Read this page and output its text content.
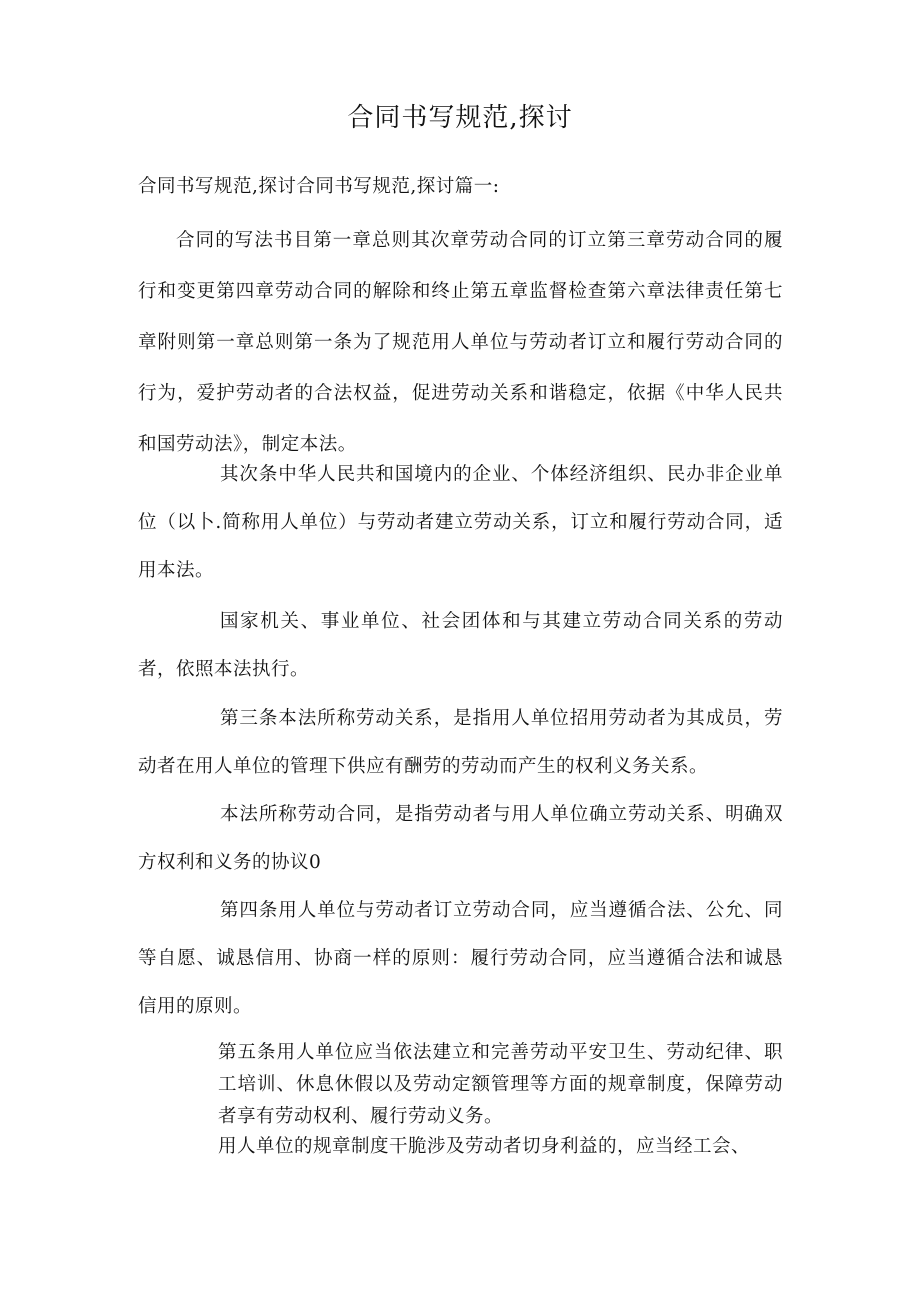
合同书写规范,探讨

合同书写规范,探讨合同书写规范,探讨篇一:

合同的写法书目第一章总则其次章劳动合同的订立第三章劳动合同的履行和变更第四章劳动合同的解除和终止第五章监督检查第六章法律责任第七章附则第一章总则第一条为了规范用人单位与劳动者订立和履行劳动合同的行为，爱护劳动者的合法权益，促进劳动关系和谐稳定，依据《中华人民共和国劳动法》，制定本法。

其次条中华人民共和国境内的企业、个体经济组织、民办非企业单位（以卜.简称用人单位）与劳动者建立劳动关系，订立和履行劳动合同，适用本法。

国家机关、事业单位、社会团体和与其建立劳动合同关系的劳动者，依照本法执行。

第三条本法所称劳动关系，是指用人单位招用劳动者为其成员，劳动者在用人单位的管理下供应有酬劳的劳动而产生的权利义务关系。

本法所称劳动合同，是指劳动者与用人单位确立劳动关系、明确双方权利和义务的协议0

第四条用人单位与劳动者订立劳动合同，应当遵循合法、公允、同等自愿、诚恳信用、协商一样的原则：履行劳动合同，应当遵循合法和诚恳信用的原则。

第五条用人单位应当依法建立和完善劳动平安卫生、劳动纪律、职工培训、休息休假以及劳动定额管理等方面的规章制度，保障劳动者享有劳动权利、履行劳动义务。

用人单位的规章制度干脆涉及劳动者切身利益的，应当经工会、
